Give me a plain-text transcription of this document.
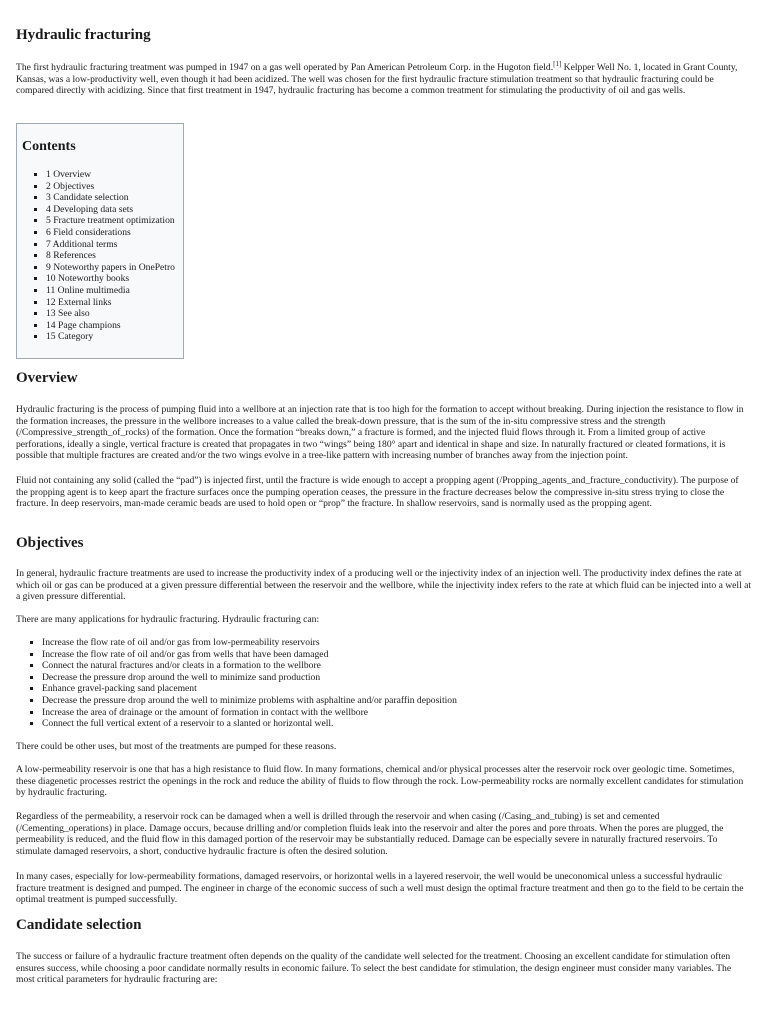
Hydraulic fracturing

The first hydraulic fracturing treatment was pumped in 1947 on a gas well operated by Pan American Petroleum Corp. in the Hugoton field.[1] Kelpper Well No. 1, located in Grant County, Kansas, was a low-productivity well, even though it had been acidized. The well was chosen for the first hydraulic fracture stimulation treatment so that hydraulic fracturing could be compared directly with acidizing. Since that first treatment in 1947, hydraulic fracturing has become a common treatment for stimulating the productivity of oil and gas wells.

Contents
▪ 1 Overview
▪ 2 Objectives
▪ 3 Candidate selection
▪ 4 Developing data sets
▪ 5 Fracture treatment optimization
▪ 6 Field considerations
▪ 7 Additional terms
▪ 8 References
▪ 9 Noteworthy papers in OnePetro
▪ 10 Noteworthy books
▪ 11 Online multimedia
▪ 12 External links
▪ 13 See also
▪ 14 Page champions
▪ 15 Category
Overview

Hydraulic fracturing is the process of pumping fluid into a wellbore at an injection rate that is too high for the formation to accept without breaking. During injection the resistance to flow in the formation increases, the pressure in the wellbore increases to a value called the break-down pressure, that is the sum of the in-situ compressive stress and the strength (/Compressive_strength_of_rocks) of the formation. Once the formation “breaks down,” a fracture is formed, and the injected fluid flows through it. From a limited group of active perforations, ideally a single, vertical fracture is created that propagates in two “wings” being 180° apart and identical in shape and size. In naturally fractured or cleated formations, it is possible that multiple fractures are created and/or the two wings evolve in a tree-like pattern with increasing number of branches away from the injection point.

Fluid not containing any solid (called the “pad”) is injected first, until the fracture is wide enough to accept a propping agent (/Propping_agents_and_fracture_conductivity). The purpose of the propping agent is to keep apart the fracture surfaces once the pumping operation ceases, the pressure in the fracture decreases below the compressive in-situ stress trying to close the fracture. In deep reservoirs, man-made ceramic beads are used to hold open or “prop” the fracture. In shallow reservoirs, sand is normally used as the propping agent.

Objectives

In general, hydraulic fracture treatments are used to increase the productivity index of a producing well or the injectivity index of an injection well. The productivity index defines the rate at which oil or gas can be produced at a given pressure differential between the reservoir and the wellbore, while the injectivity index refers to the rate at which fluid can be injected into a well at a given pressure differential.

There are many applications for hydraulic fracturing. Hydraulic fracturing can:

▪ Increase the flow rate of oil and/or gas from low-permeability reservoirs
▪ Increase the flow rate of oil and/or gas from wells that have been damaged
▪ Connect the natural fractures and/or cleats in a formation to the wellbore
▪ Decrease the pressure drop around the well to minimize sand production
▪ Enhance gravel-packing sand placement
▪ Decrease the pressure drop around the well to minimize problems with asphaltine and/or paraffin deposition
▪ Increase the area of drainage or the amount of formation in contact with the wellbore
▪ Connect the full vertical extent of a reservoir to a slanted or horizontal well.

There could be other uses, but most of the treatments are pumped for these reasons.

A low-permeability reservoir is one that has a high resistance to fluid flow. In many formations, chemical and/or physical processes alter the reservoir rock over geologic time. Sometimes, these diagenetic processes restrict the openings in the rock and reduce the ability of fluids to flow through the rock. Low-permeability rocks are normally excellent candidates for stimulation by hydraulic fracturing.

Regardless of the permeability, a reservoir rock can be damaged when a well is drilled through the reservoir and when casing (/Casing_and_tubing) is set and cemented (/Cementing_operations) in place. Damage occurs, because drilling and/or completion fluids leak into the reservoir and alter the pores and pore throats. When the pores are plugged, the permeability is reduced, and the fluid flow in this damaged portion of the reservoir may be substantially reduced. Damage can be especially severe in naturally fractured reservoirs. To stimulate damaged reservoirs, a short, conductive hydraulic fracture is often the desired solution.

In many cases, especially for low-permeability formations, damaged reservoirs, or horizontal wells in a layered reservoir, the well would be uneconomical unless a successful hydraulic fracture treatment is designed and pumped. The engineer in charge of the economic success of such a well must design the optimal fracture treatment and then go to the field to be certain the optimal treatment is pumped successfully.

Candidate selection

The success or failure of a hydraulic fracture treatment often depends on the quality of the candidate well selected for the treatment. Choosing an excellent candidate for stimulation often ensures success, while choosing a poor candidate normally results in economic failure. To select the best candidate for stimulation, the design engineer must consider many variables. The most critical parameters for hydraulic fracturing are:
